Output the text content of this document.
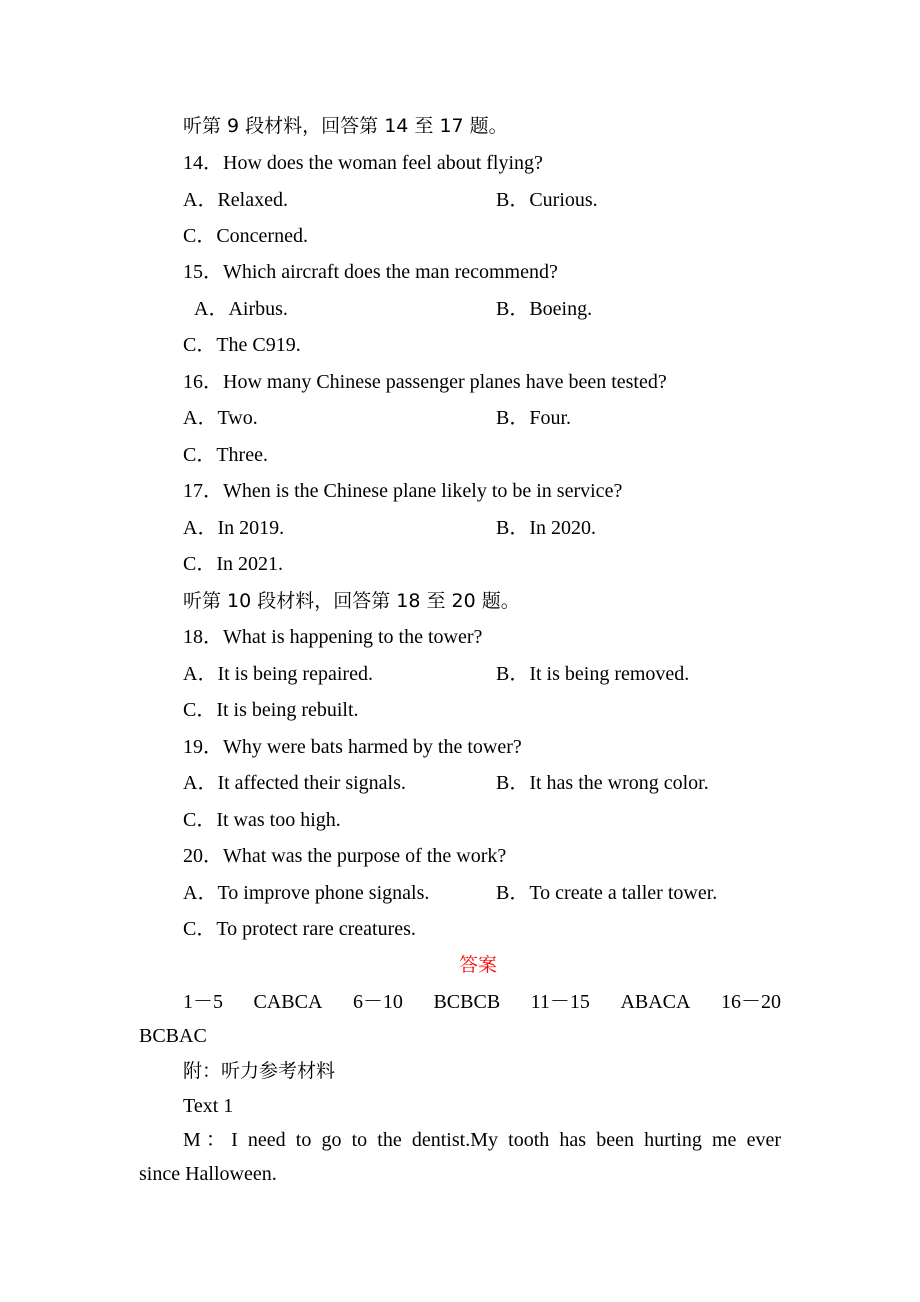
听第 9 段材料，回答第 14 至 17 题。
14．How does the woman feel about flying?
A．Relaxed.	B．Curious.
C．Concerned.
15．Which aircraft does the man recommend?
A．Airbus.	B．Boeing.
C．The C919.
16．How many Chinese passenger planes have been tested?
A．Two.	B．Four.
C．Three.
17．When is the Chinese plane likely to be in service?
A．In 2019.	B．In 2020.
C．In 2021.
听第 10 段材料，回答第 18 至 20 题。
18．What is happening to the tower?
A．It is being repaired.	B．It is being removed.
C．It is being rebuilt.
19．Why were bats harmed by the tower?
A．It affected their signals.	B．It has the wrong color.
C．It was too high.
20．What was the purpose of the work?
A．To improve phone signals.	B．To create a taller tower.
C．To protect rare creatures.
答案
1－5 CABCA 6－10 BCBCB 11－15 ABACA 16－20
BCBAC
附：听力参考材料
Text 1
M：I need to go to the dentist.My tooth has been hurting me ever
since Halloween.
